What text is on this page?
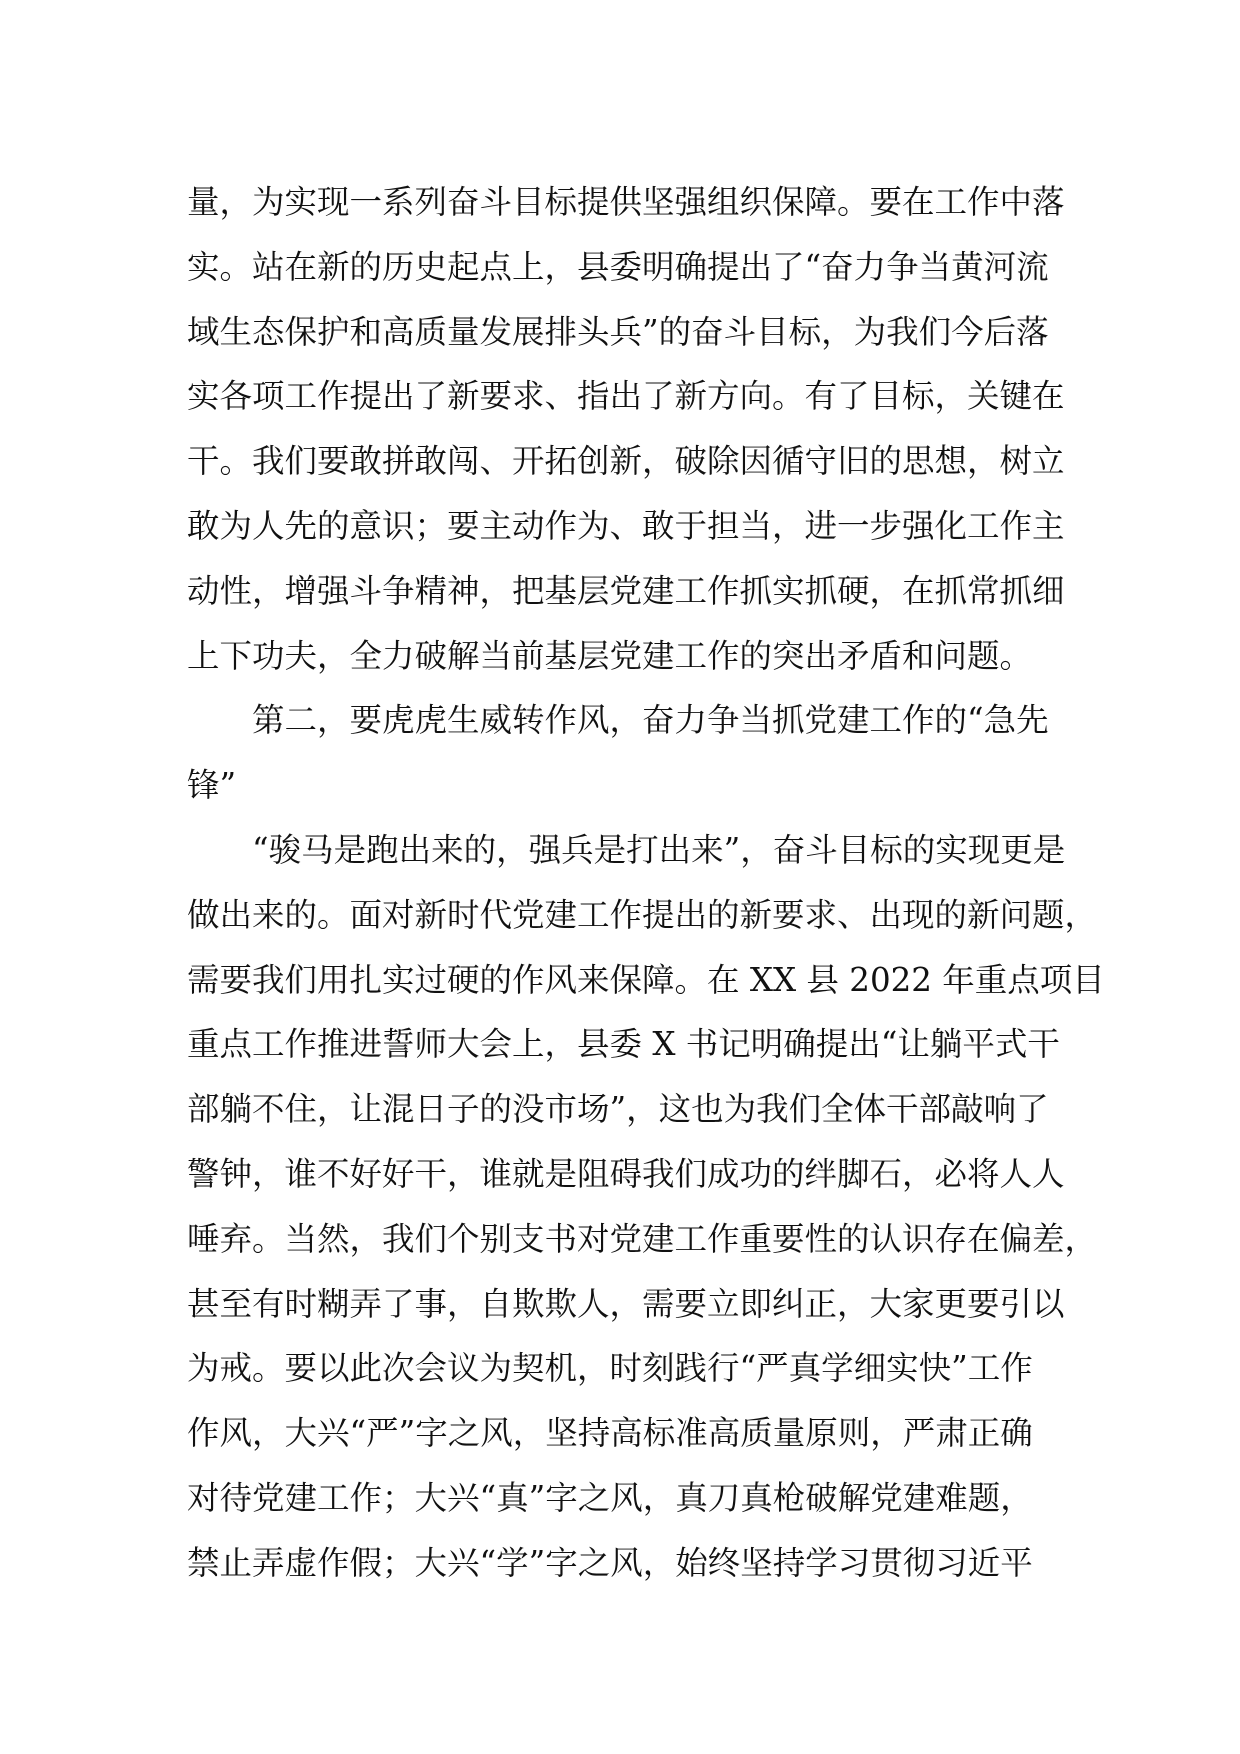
量，为实现一系列奋斗目标提供坚强组织保障。要在工作中落
实。站在新的历史起点上，县委明确提出了“奋力争当黄河流
域生态保护和高质量发展排头兵”的奋斗目标，为我们今后落
实各项工作提出了新要求、指出了新方向。有了目标，关键在
干。我们要敢拼敢闯、开拓创新，破除因循守旧的思想，树立
敢为人先的意识；要主动作为、敢于担当，进一步强化工作主
动性，增强斗争精神，把基层党建工作抓实抓硬，在抓常抓细
上下功夫，全力破解当前基层党建工作的突出矛盾和问题。
　　第二，要虎虎生威转作风，奋力争当抓党建工作的“急先
锋”
　　“骏马是跑出来的，强兵是打出来”，奋斗目标的实现更是
做出来的。面对新时代党建工作提出的新要求、出现的新问题，
需要我们用扎实过硬的作风来保障。在 XX 县 2022 年重点项目
重点工作推进誓师大会上，县委 X 书记明确提出“让躺平式干
部躺不住，让混日子的没市场”，这也为我们全体干部敲响了
警钟，谁不好好干，谁就是阻碍我们成功的绊脚石，必将人人
唾弃。当然，我们个别支书对党建工作重要性的认识存在偏差，
甚至有时糊弄了事，自欺欺人，需要立即纠正，大家更要引以
为戒。要以此次会议为契机，时刻践行“严真学细实快”工作
作风，大兴“严”字之风，坚持高标准高质量原则，严肃正确
对待党建工作；大兴“真”字之风，真刀真枪破解党建难题，
禁止弄虚作假；大兴“学”字之风，始终坚持学习贯彻习近平
